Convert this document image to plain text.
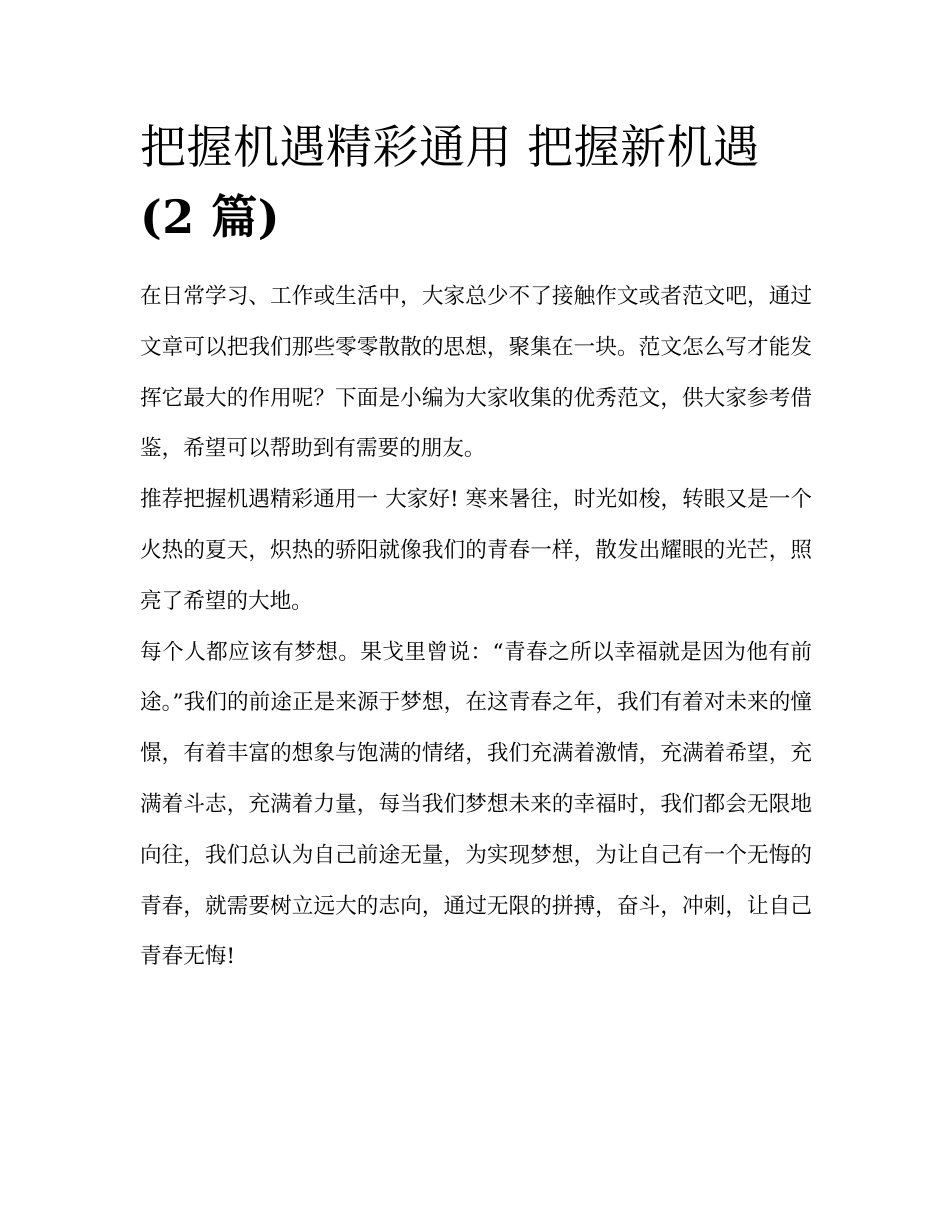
把握机遇精彩通用 把握新机遇
(2 篇)

在日常学习、工作或生活中，大家总少不了接触作文或者范文吧，通过文章可以把我们那些零零散散的思想，聚集在一块。范文怎么写才能发挥它最大的作用呢？下面是小编为大家收集的优秀范文，供大家参考借鉴，希望可以帮助到有需要的朋友。

推荐把握机遇精彩通用一 大家好! 寒来暑往，时光如梭，转眼又是一个火热的夏天，炽热的骄阳就像我们的青春一样，散发出耀眼的光芒，照亮了希望的大地。

每个人都应该有梦想。果戈里曾说：“青春之所以幸福就是因为他有前途。”我们的前途正是来源于梦想，在这青春之年，我们有着对未来的憧憬，有着丰富的想象与饱满的情绪，我们充满着激情，充满着希望，充满着斗志，充满着力量，每当我们梦想未来的幸福时，我们都会无限地向往，我们总认为自己前途无量，为实现梦想，为让自己有一个无悔的青春，就需要树立远大的志向，通过无限的拼搏，奋斗，冲刺，让自己青春无悔!
